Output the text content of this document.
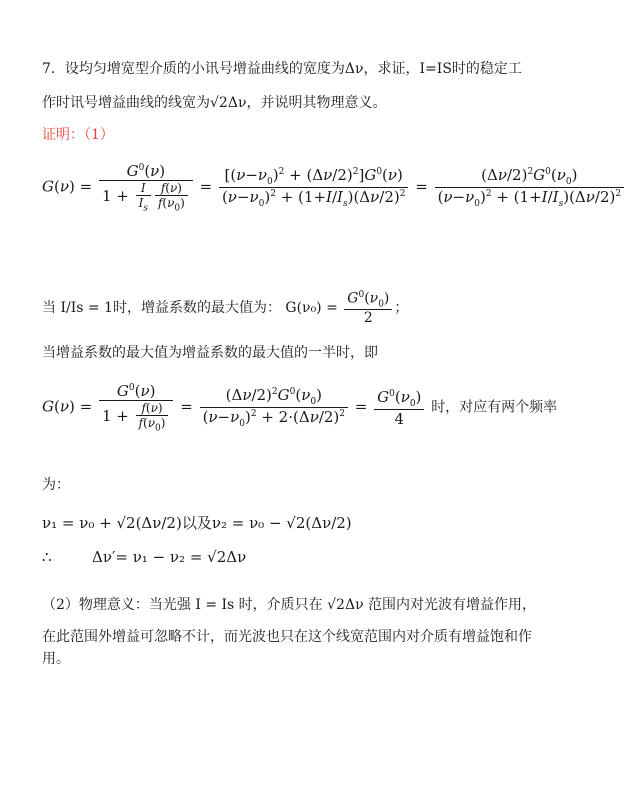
7．设均匀增宽型介质的小讯号增益曲线的宽度为Δν，求证，I=IS时的稳定工
作时讯号增益曲线的线宽为√2Δν，并说明其物理意义。
证明：（1）
$G(\nu) = \frac{G^0(\nu)}{1 + \frac{I}{I_s} \frac{f(\nu)}{f(\nu_0)}} = \frac{[(\nu-\nu_0)^2 + (\Delta\nu/2)^2]G^0(\nu)}{(\nu-\nu_0)^2 + (1+I/I_s)(\Delta\nu/2)^2} = \frac{(\Delta\nu/2)^2G^0(\nu_0)}{(\nu-\nu_0)^2 + (1+I/I_s)(\Delta\nu/2)^2}$
当 I/Is = 1时，增益系数的最大值为： $G(\nu_0) = \frac{G^0(\nu_0)}{2}$ ；
当增益系数的最大值为增益系数的最大值的一半时，即
$G(\nu) = \frac{G^0(\nu)}{1 + \frac{f(\nu)}{f(\nu_0)}} = \frac{(\Delta\nu/2)^2G^0(\nu_0)}{(\nu-\nu_0)^2 + 2\cdot(\Delta\nu/2)^2} = \frac{G^0(\nu_0)}{4}$ 时，对应有两个频率
为：
ν₁ = ν₀ + √2(Δν/2)以及ν₂ = ν₀ − √2(Δν/2)
∴	Δν′= ν₁ − ν₂ = √2Δν
（2）物理意义：当光强 I = Is 时，介质只在 √2Δν 范围内对光波有增益作用，
在此范围外增益可忽略不计，而光波也只在这个线宽范围内对介质有增益饱和作
用。
